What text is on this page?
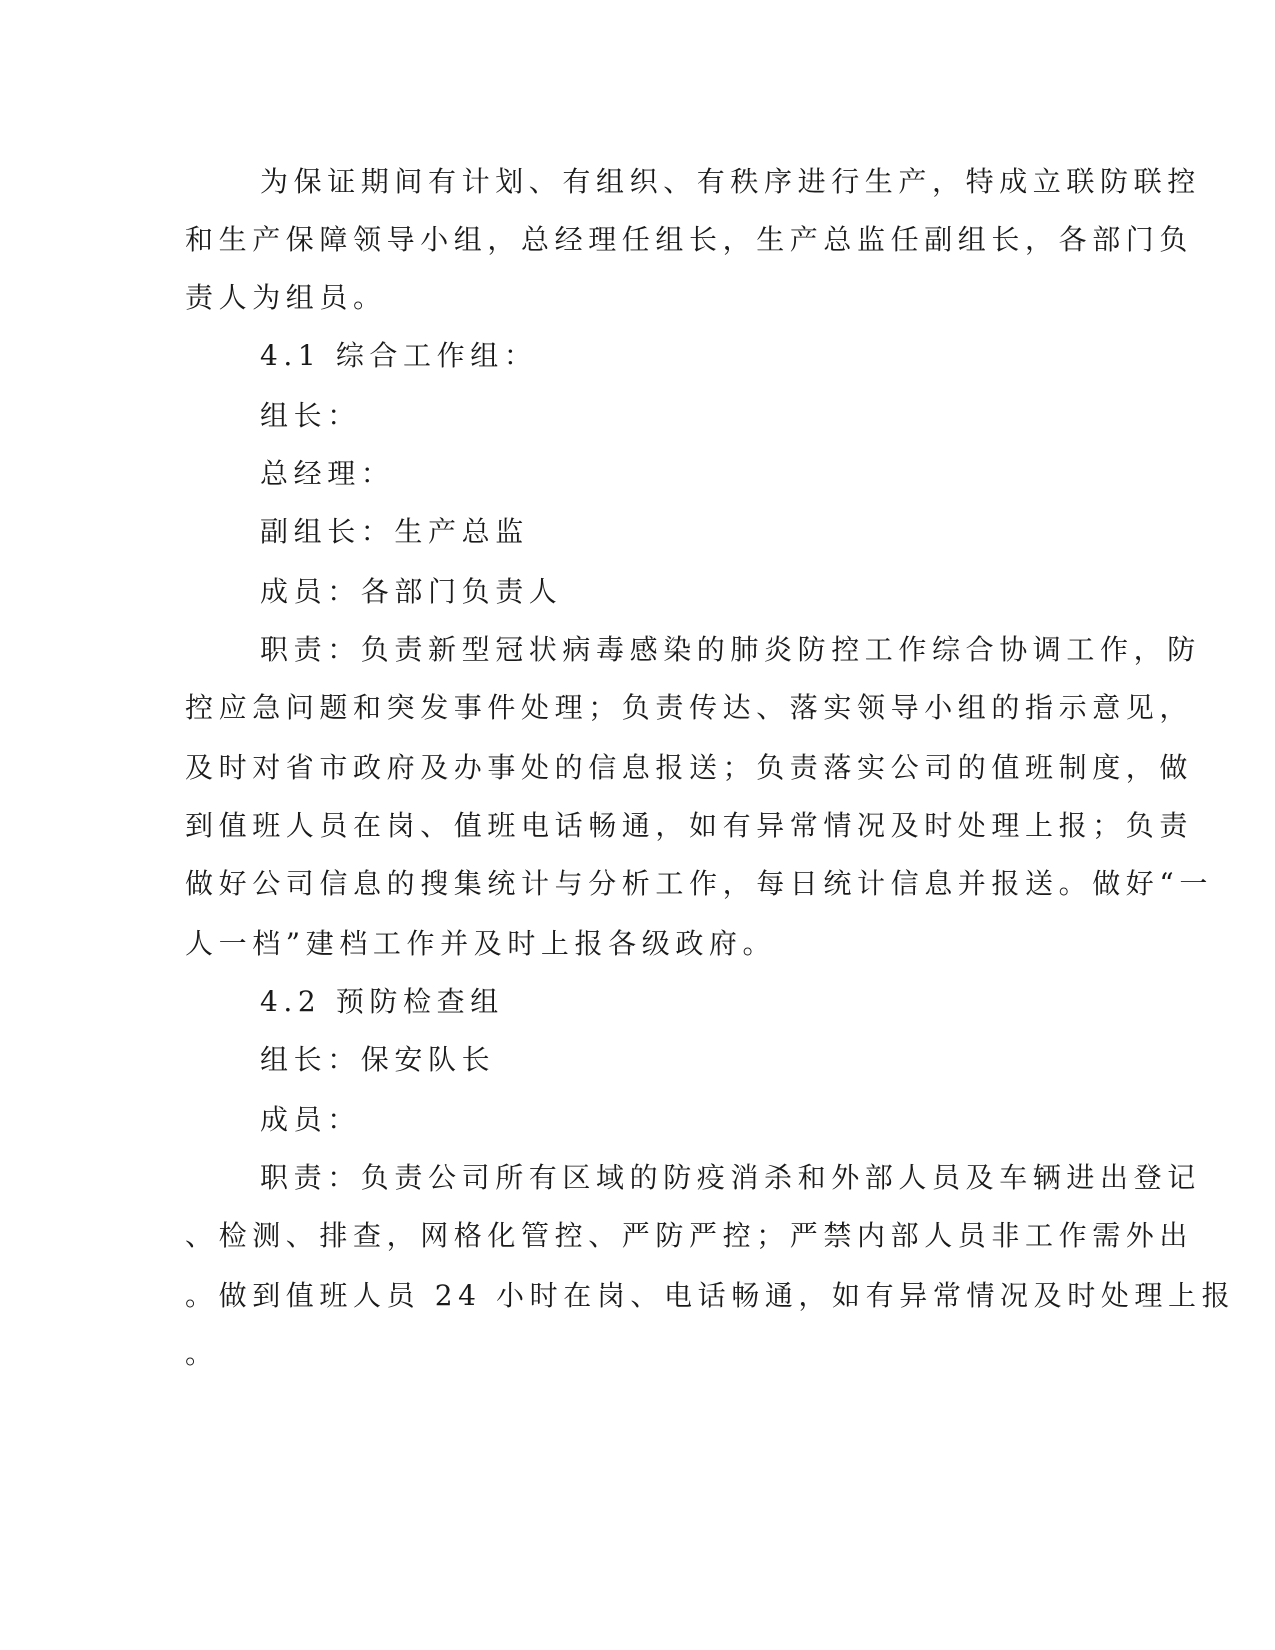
为保证期间有计划、有组织、有秩序进行生产，特成立联防联控
和生产保障领导小组，总经理任组长，生产总监任副组长，各部门负
责人为组员。
4.1 综合工作组：
组长：
总经理：
副组长：生产总监
成员：各部门负责人
职责：负责新型冠状病毒感染的肺炎防控工作综合协调工作，防
控应急问题和突发事件处理；负责传达、落实领导小组的指示意见，
及时对省市政府及办事处的信息报送；负责落实公司的值班制度，做
到值班人员在岗、值班电话畅通，如有异常情况及时处理上报；负责
做好公司信息的搜集统计与分析工作，每日统计信息并报送。做好“一
人一档”建档工作并及时上报各级政府。
4.2 预防检查组
组长：保安队长
成员：
职责：负责公司所有区域的防疫消杀和外部人员及车辆进出登记
、检测、排查，网格化管控、严防严控；严禁内部人员非工作需外出
。做到值班人员 24 小时在岗、电话畅通，如有异常情况及时处理上报
。
